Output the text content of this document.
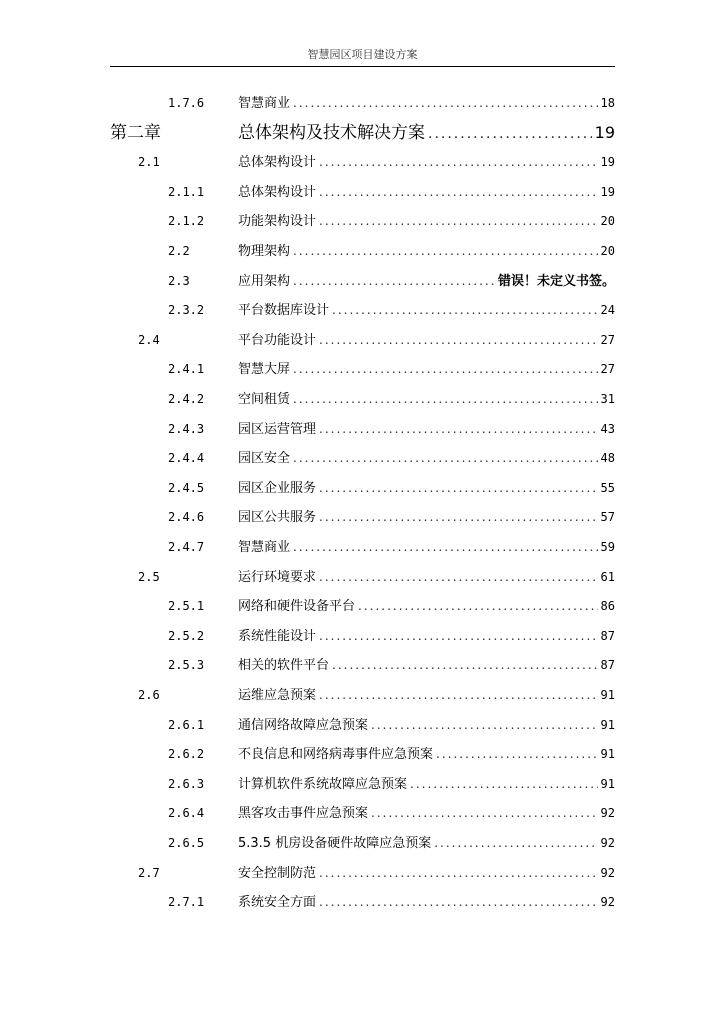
智慧园区项目建设方案
1.7.6	智慧商业 .....	18
第二章	总体架构及技术解决方案 .....	19
2.1	总体架构设计 .....	19
2.1.1	总体架构设计 .....	19
2.1.2	功能架构设计 .....	20
2.2	物理架构 .....	20
2.3	应用架构 .....	错误！未定义书签。
2.3.2	平台数据库设计 .....	24
2.4	平台功能设计 .....	27
2.4.1	智慧大屏 .....	27
2.4.2	空间租赁 .....	31
2.4.3	园区运营管理 .....	43
2.4.4	园区安全 .....	48
2.4.5	园区企业服务 .....	55
2.4.6	园区公共服务 .....	57
2.4.7	智慧商业 .....	59
2.5	运行环境要求 .....	61
2.5.1	网络和硬件设备平台 .....	86
2.5.2	系统性能设计 .....	87
2.5.3	相关的软件平台 .....	87
2.6	运维应急预案 .....	91
2.6.1	通信网络故障应急预案 .....	91
2.6.2	不良信息和网络病毒事件应急预案 .....	91
2.6.3	计算机软件系统故障应急预案 .....	91
2.6.4	黑客攻击事件应急预案 .....	92
2.6.5	5.3.5 机房设备硬件故障应急预案 .....	92
2.7	安全控制防范 .....	92
2.7.1	系统安全方面 .....	92
